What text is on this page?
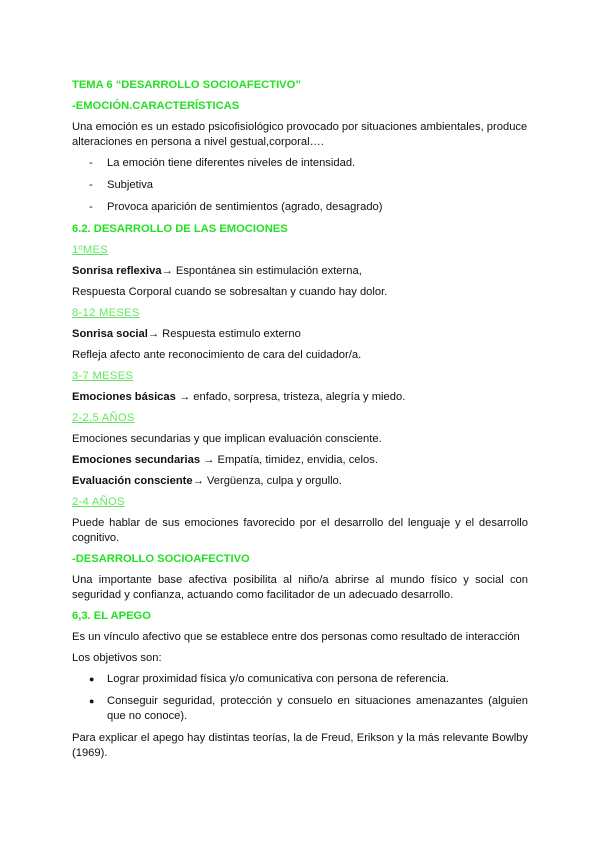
TEMA 6 “DESARROLLO SOCIOAFECTIVO”
-EMOCIÓN.CARACTERÍSTICAS
Una emoción es un estado psicofisiológico provocado por situaciones ambientales, produce alteraciones en persona a nivel gestual,corporal….
- La emoción tiene diferentes niveles de intensidad.
- Subjetiva
- Provoca aparición de sentimientos (agrado, desagrado)
6.2. DESARROLLO DE LAS EMOCIONES
1ºMES
Sonrisa reflexiva→ Espontánea sin estimulación externa,
Respuesta Corporal cuando se sobresaltan y cuando hay dolor.
8-12 MESES
Sonrisa social→ Respuesta estimulo externo
Refleja afecto ante reconocimiento de cara del cuidador/a.
3-7 MESES
Emociones básicas → enfado, sorpresa, tristeza, alegría y miedo.
2-2,5 AÑOS
Emociones secundarias y que implican evaluación consciente.
Emociones secundarias → Empatía, timidez, envidia, celos.
Evaluación consciente→ Vergüenza, culpa y orgullo.
2-4 AÑOS
Puede hablar de sus emociones favorecido por el desarrollo del lenguaje y el desarrollo cognitivo.
-DESARROLLO SOCIOAFECTIVO
Una importante base afectiva posibilita al niño/a abrirse al mundo físico y social con seguridad y confianza, actuando como facilitador de un adecuado desarrollo.
6,3. EL APEGO
Es un vínculo afectivo que se establece entre dos personas como resultado de interacción
Los objetivos son:
● Lograr proximidad física y/o comunicativa con persona de referencia.
● Conseguir seguridad, protección y consuelo en situaciones amenazantes (alguien que no conoce).
Para explicar el apego hay distintas teorías, la de Freud, Erikson y la más relevante Bowlby (1969).
